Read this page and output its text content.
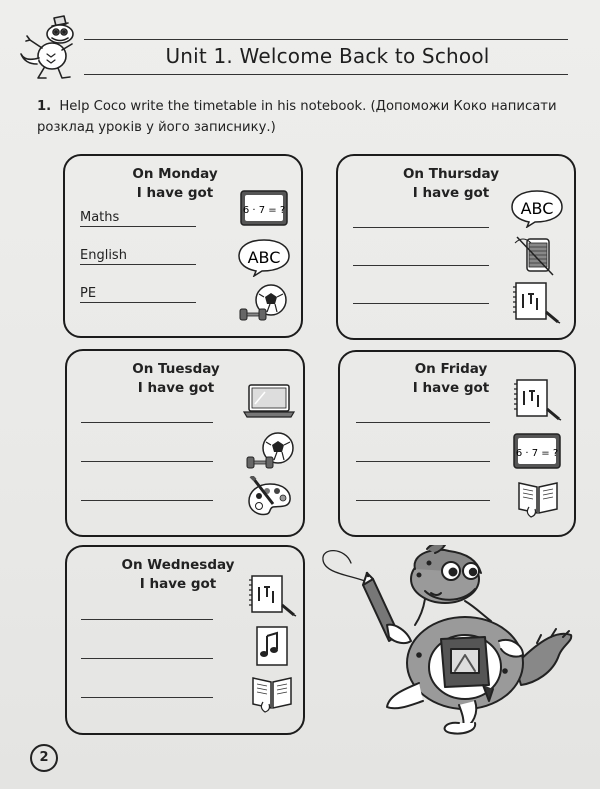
Unit 1. Welcome Back to School
1. Help Coco write the timetable in his notebook. (Допоможи Коко написати розклад уроків у його записнику.)
On Monday
I have got
Maths
English
PE
6 · 7 = ?
ABC
On Thursday
I have got
ABC
On Tuesday
I have got
On Friday
I have got
6 · 7 = ?
On Wednesday
I have got
2
